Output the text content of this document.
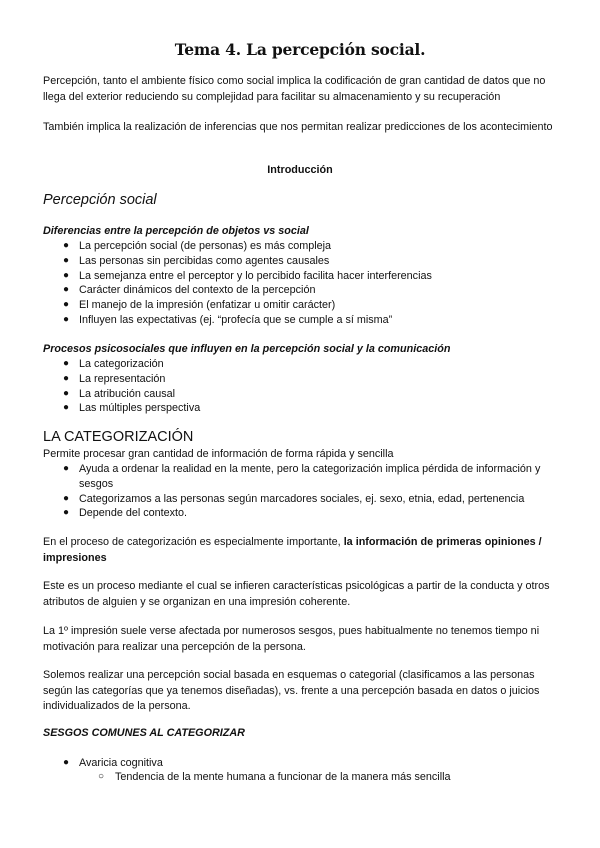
Tema 4. La percepción social.

Percepción, tanto el ambiente físico como social implica la codificación de gran cantidad de datos que no llega del exterior reduciendo su complejidad para facilitar su almacenamiento y su recuperación

También implica la realización de inferencias que nos permitan realizar predicciones de los acontecimiento

Introducción
Percepción social
Diferencias entre la percepción de objetos vs social
● La percepción social (de personas) es más compleja
● Las personas sin percibidas como agentes causales
● La semejanza entre el perceptor y lo percibido facilita hacer interferencias
● Carácter dinámicos del contexto de la percepción
● El manejo de la impresión (enfatizar u omitir carácter)
● Influyen las expectativas (ej. “profecía que se cumple a sí misma”
Procesos psicosociales que influyen en la percepción social y la comunicación
● La categorización
● La representación
● La atribución causal
● Las múltiples perspectiva
LA CATEGORIZACIÓN

Permite procesar gran cantidad de información de forma rápida y sencilla

● Ayuda a ordenar la realidad en la mente, pero la categorización implica pérdida de información y sesgos
● Categorizamos a las personas según marcadores sociales, ej. sexo, etnia, edad, pertenencia
● Depende del contexto.

En el proceso de categorización es especialmente importante, la información de primeras opiniones / impresiones

Este es un proceso mediante el cual se infieren características psicológicas a partir de la conducta y otros atributos de alguien y se organizan en una impresión coherente.

La 1º impresión suele verse afectada por numerosos sesgos, pues habitualmente no tenemos tiempo ni motivación para realizar una percepción de la persona.

Solemos realizar una percepción social basada en esquemas o categorial (clasificamos a las personas según las categorías que ya tenemos diseñadas), vs. frente a una percepción basada en datos o juicios individualizados de la persona.

SESGOS COMUNES AL CATEGORIZAR
● Avaricia cognitiva
○ Tendencia de la mente humana a funcionar de la manera más sencilla
